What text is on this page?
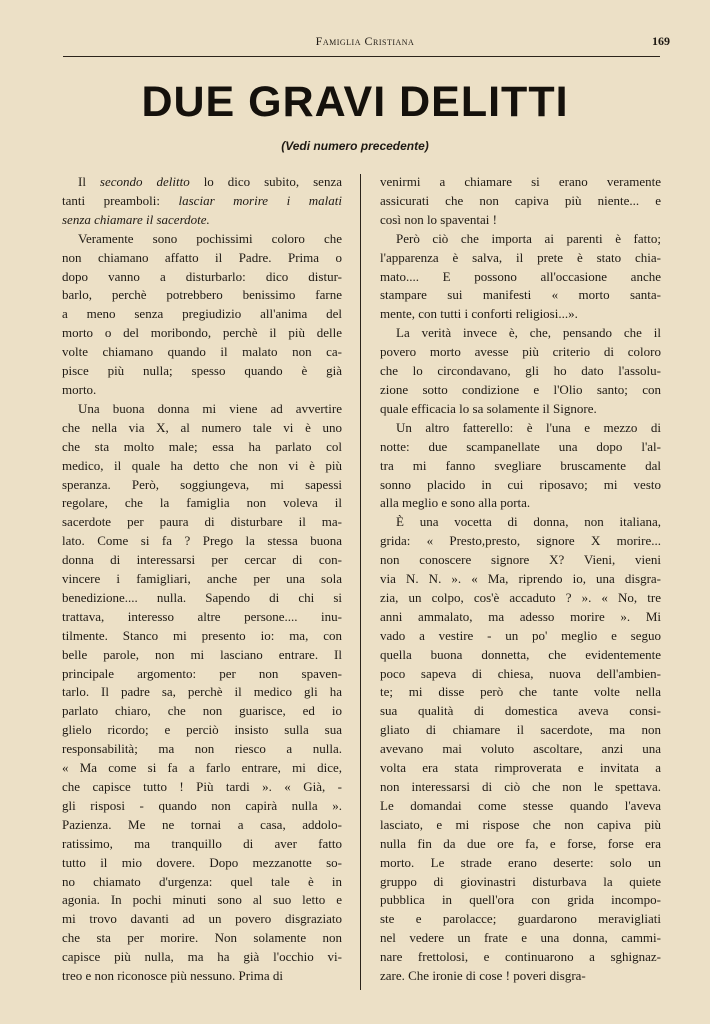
Famiglia Cristiana	169
DUE GRAVI DELITTI
(Vedi numero precedente)
Il secondo delitto lo dico subito, senza
tanti preamboli: lasciar morire i malati
senza chiamare il sacerdote.
Veramente sono pochissimi coloro che
non chiamano affatto il Padre. Prima o
dopo vanno a disturbarlo: dico distur-
barlo, perchè potrebbero benissimo farne
a meno senza pregiudizio all'anima del
morto o del moribondo, perchè il più delle
volte chiamano quando il malato non ca-
pisce più nulla; spesso quando è già
morto.
Una buona donna mi viene ad avvertire
che nella via X, al numero tale vi è uno
che sta molto male; essa ha parlato col
medico, il quale ha detto che non vi è più
speranza. Però, soggiungeva, mi sapessi
regolare, che la famiglia non voleva il
sacerdote per paura di disturbare il ma-
lato. Come si fa ? Prego la stessa buona
donna di interessarsi per cercar di con-
vincere i famigliari, anche per una sola
benedizione.... nulla. Sapendo di chi si
trattava, interesso altre persone.... inu-
tilmente. Stanco mi presento io: ma, con
belle parole, non mi lasciano entrare. Il
principale argomento: per non spaven-
tarlo. Il padre sa, perchè il medico gli ha
parlato chiaro, che non guarisce, ed io
glielo ricordo; e perciò insisto sulla sua
responsabilità; ma non riesco a nulla.
« Ma come si fa a farlo entrare, mi dice,
che capisce tutto ! Più tardi ». « Già, -
gli risposi - quando non capirà nulla ».
Pazienza. Me ne tornai a casa, addolo-
ratissimo, ma tranquillo di aver fatto
tutto il mio dovere. Dopo mezzanotte so-
no chiamato d'urgenza: quel tale è in
agonia. In pochi minuti sono al suo letto e
mi trovo davanti ad un povero disgraziato
che sta per morire. Non solamente non
capisce più nulla, ma ha già l'occhio vi-
treo e non riconosce più nessuno. Prima di
venirmi a chiamare si erano veramente
assicurati che non capiva più niente... e
così non lo spaventai !
Però ciò che importa ai parenti è fatto;
l'apparenza è salva, il prete è stato chia-
mato.... E possono all'occasione anche
stampare sui manifesti « morto santa-
mente, con tutti i conforti religiosi...».
La verità invece è, che, pensando che il
povero morto avesse più criterio di coloro
che lo circondavano, gli ho dato l'assolu-
zione sotto condizione e l'Olio santo; con
quale efficacia lo sa solamente il Signore.
Un altro fatterello: è l'una e mezzo di
notte: due scampanellate una dopo l'al-
tra mi fanno svegliare bruscamente dal
sonno placido in cui riposavo; mi vesto
alla meglio e sono alla porta.
È una vocetta di donna, non italiana,
grida: « Presto,presto, signore X morire...
non conoscere signore X? Vieni, vieni
via N. N. ». « Ma, riprendo io, una disgra-
zia, un colpo, cos'è accaduto ? ». « No, tre
anni ammalato, ma adesso morire ». Mi
vado a vestire - un po' meglio e seguo
quella buona donnetta, che evidentemente
poco sapeva di chiesa, nuova dell'ambien-
te; mi disse però che tante volte nella
sua qualità di domestica aveva consi-
gliato di chiamare il sacerdote, ma non
avevano mai voluto ascoltare, anzi una
volta era stata rimproverata e invitata a
non interessarsi di ciò che non le spettava.
Le domandai come stesse quando l'aveva
lasciato, e mi rispose che non capiva più
nulla fin da due ore fa, e forse, forse era
morto. Le strade erano deserte: solo un
gruppo di giovinastri disturbava la quiete
pubblica in quell'ora con grida incompo-
ste e parolacce; guardarono meravigliati
nel vedere un frate e una donna, cammi-
nare frettolosi, e continuarono a sghignaz-
zare. Che ironie di cose ! poveri disgra-
